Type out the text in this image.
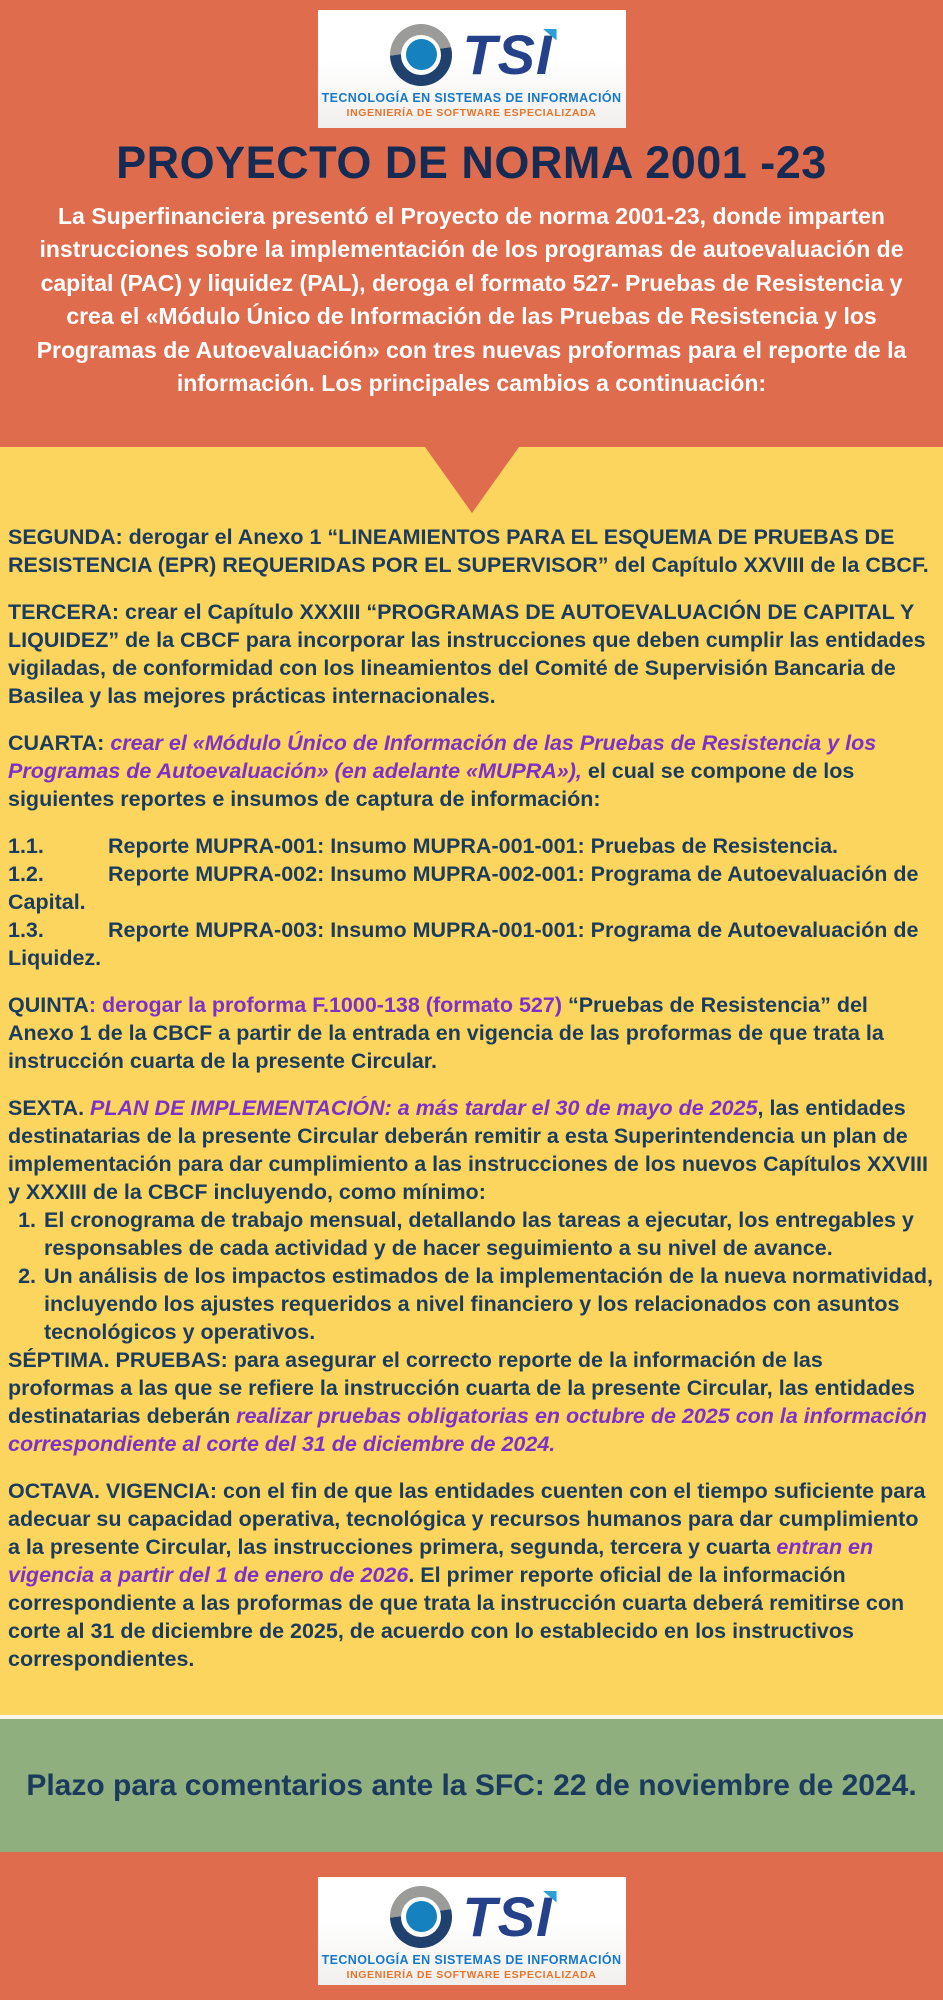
TSI
TECNOLOGÍA EN SISTEMAS DE INFORMACIÓN
INGENIERÍA DE SOFTWARE ESPECIALIZADA
PROYECTO DE NORMA 2001 -23

La Superfinanciera presentó el Proyecto de norma 2001-23, donde imparten instrucciones sobre la implementación de los programas de autoevaluación de capital (PAC) y liquidez (PAL), deroga el formato 527- Pruebas de Resistencia y crea el «Módulo Único de Información de las Pruebas de Resistencia y los Programas de Autoevaluación» con tres nuevas proformas para el reporte de la información. Los principales cambios a continuación:

SEGUNDA: derogar el Anexo 1 “LINEAMIENTOS PARA EL ESQUEMA DE PRUEBAS DE RESISTENCIA (EPR) REQUERIDAS POR EL SUPERVISOR” del Capítulo XXVIII de la CBCF.

TERCERA: crear el Capítulo XXXIII “PROGRAMAS DE AUTOEVALUACIÓN DE CAPITAL Y LIQUIDEZ” de la CBCF para incorporar las instrucciones que deben cumplir las entidades vigiladas, de conformidad con los lineamientos del Comité de Supervisión Bancaria de Basilea y las mejores prácticas internacionales.

CUARTA: crear el «Módulo Único de Información de las Pruebas de Resistencia y los Programas de Autoevaluación» (en adelante «MUPRA»), el cual se compone de los siguientes reportes e insumos de captura de información:

1.1.	Reporte MUPRA-001: Insumo MUPRA-001-001: Pruebas de Resistencia.

1.2.	Reporte MUPRA-002: Insumo MUPRA-002-001: Programa de Autoevaluación de Capital.

1.3.	Reporte MUPRA-003: Insumo MUPRA-001-001: Programa de Autoevaluación de Liquidez.

QUINTA: derogar la proforma F.1000-138 (formato 527) “Pruebas de Resistencia” del Anexo 1 de la CBCF a partir de la entrada en vigencia de las proformas de que trata la instrucción cuarta de la presente Circular.

SEXTA. PLAN DE IMPLEMENTACIÓN: a más tardar el 30 de mayo de 2025, las entidades destinatarias de la presente Circular deberán remitir a esta Superintendencia un plan de implementación para dar cumplimiento a las instrucciones de los nuevos Capítulos XXVIII y XXXIII de la CBCF incluyendo, como mínimo:

1. El cronograma de trabajo mensual, detallando las tareas a ejecutar, los entregables y responsables de cada actividad y de hacer seguimiento a su nivel de avance.
2. Un análisis de los impactos estimados de la implementación de la nueva normatividad, incluyendo los ajustes requeridos a nivel financiero y los relacionados con asuntos tecnológicos y operativos.

SÉPTIMA. PRUEBAS: para asegurar el correcto reporte de la información de las proformas a las que se refiere la instrucción cuarta de la presente Circular, las entidades destinatarias deberán realizar pruebas obligatorias en octubre de 2025 con la información correspondiente al corte del 31 de diciembre de 2024.

OCTAVA. VIGENCIA: con el fin de que las entidades cuenten con el tiempo suficiente para adecuar su capacidad operativa, tecnológica y recursos humanos para dar cumplimiento a la presente Circular, las instrucciones primera, segunda, tercera y cuarta entran en vigencia a partir del 1 de enero de 2026. El primer reporte oficial de la información correspondiente a las proformas de que trata la instrucción cuarta deberá remitirse con corte al 31 de diciembre de 2025, de acuerdo con lo establecido en los instructivos correspondientes.

Plazo para comentarios ante la SFC: 22 de noviembre de 2024.

TSI
TECNOLOGÍA EN SISTEMAS DE INFORMACIÓN
INGENIERÍA DE SOFTWARE ESPECIALIZADA
